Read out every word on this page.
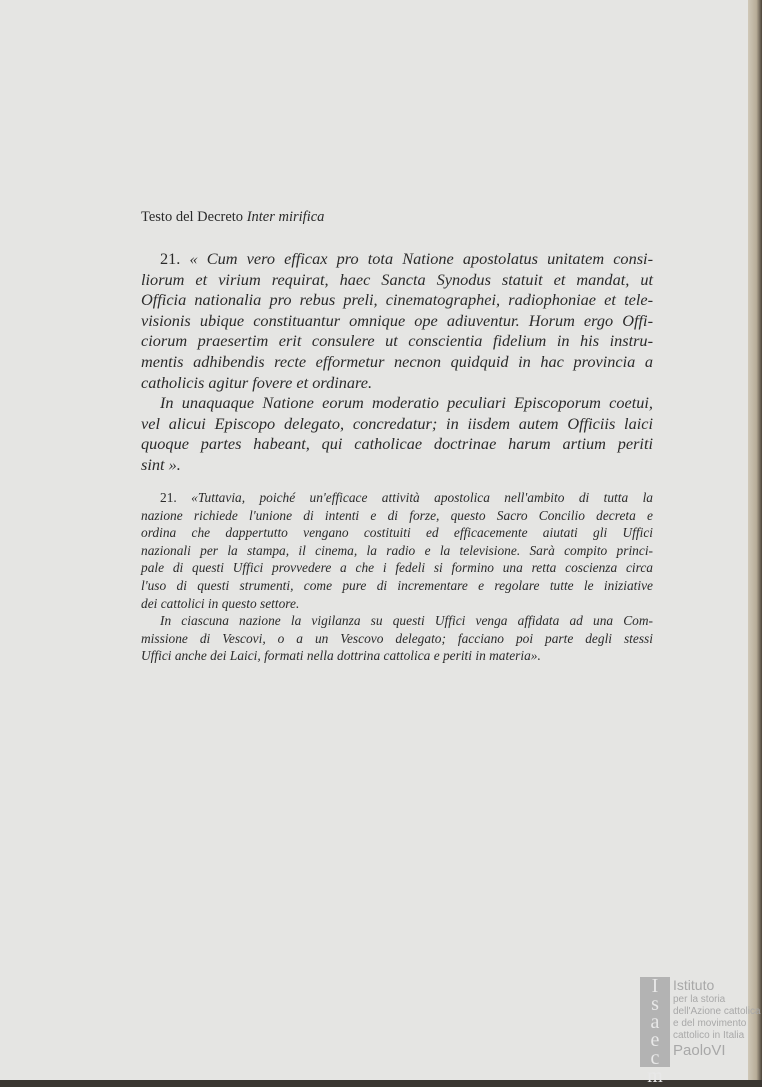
Testo del Decreto Inter mirifica
21. « Cum vero efficax pro tota Natione apostolatus unitatem consi-
liorum et virium requirat, haec Sancta Synodus statuit et mandat, ut
Officia nationalia pro rebus preli, cinematographei, radiophoniae et tele-
visionis ubique constituantur omnique ope adiuventur. Horum ergo Offi-
ciorum praesertim erit consulere ut conscientia fidelium in his instru-
mentis adhibendis recte efformetur necnon quidquid in hac provincia a
catholicis agitur fovere et ordinare.
In unaquaque Natione eorum moderatio peculiari Episcoporum coetui,
vel alicui Episcopo delegato, concredatur; in iisdem autem Officiis laici
quoque partes habeant, qui catholicae doctrinae harum artium periti
sint ».
21. «Tuttavia, poiché un'efficace attività apostolica nell'ambito di tutta la
nazione richiede l'unione di intenti e di forze, questo Sacro Concilio decreta e
ordina che dappertutto vengano costituiti ed efficacemente aiutati gli Uffici
nazionali per la stampa, il cinema, la radio e la televisione. Sarà compito princi-
pale di questi Uffici provvedere a che i fedeli si formino una retta coscienza circa
l'uso di questi strumenti, come pure di incrementare e regolare tutte le iniziative
dei cattolici in questo settore.
In ciascuna nazione la vigilanza su questi Uffici venga affidata ad una Com-
missione di Vescovi, o a un Vescovo delegato; facciano poi parte degli stessi
Uffici anche dei Laici, formati nella dottrina cattolica e periti in materia».
I
s
a
e
c
m
Istituto
per la storia
dell'Azione cattolica
e del movimento
cattolico in Italia
PaoloVI
